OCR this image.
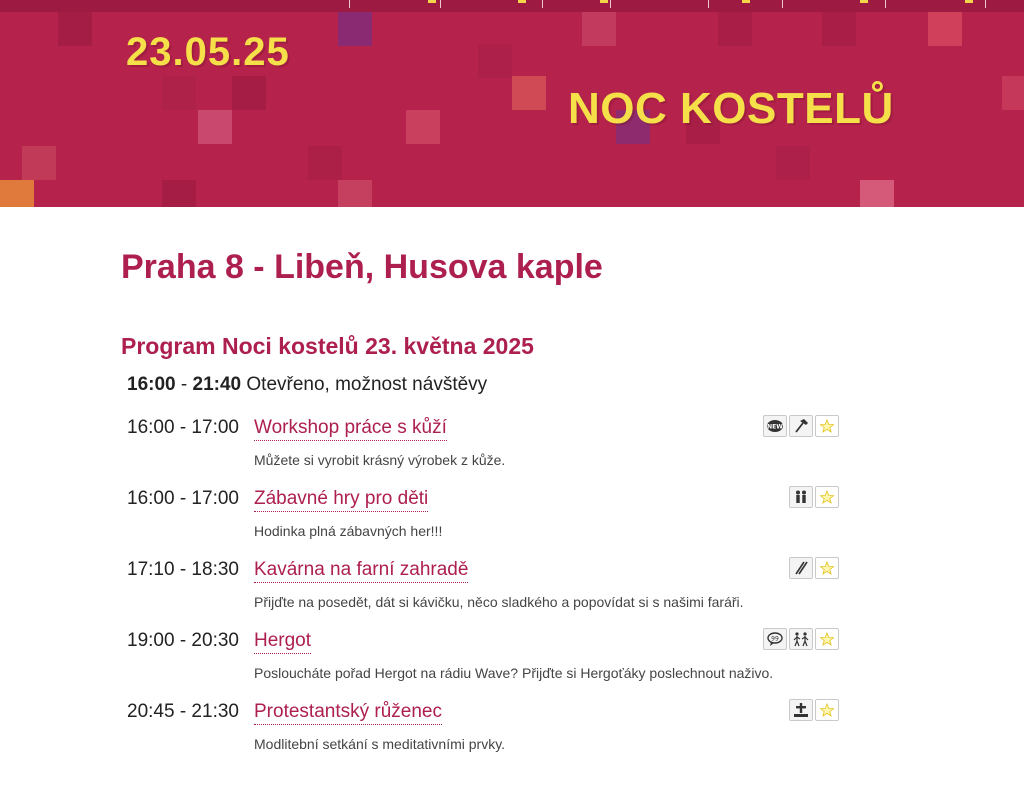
23.05.25
NOC KOSTELŮ
Praha 8 - Libeň, Husova kaple
Program Noci kostelů 23. května 2025
16:00 - 21:40 Otevřeno, možnost návštěvy
16:00 - 17:00 Workshop práce s kůží
Můžete si vyrobit krásný výrobek z kůže.
NEW
16:00 - 17:00 Zábavné hry pro děti
Hodinka plná zábavných her!!!
17:10 - 18:30 Kavárna na farní zahradě
Přijďte na posedět, dát si kávičku, něco sladkého a popovídat si s našimi faráři.
19:00 - 20:30 Hergot
Posloucháte pořad Hergot na rádiu Wave? Přijďte si Hergoťáky poslechnout naživo.
99
20:45 - 21:30 Protestantský růženec
Modlitební setkání s meditativními prvky.
